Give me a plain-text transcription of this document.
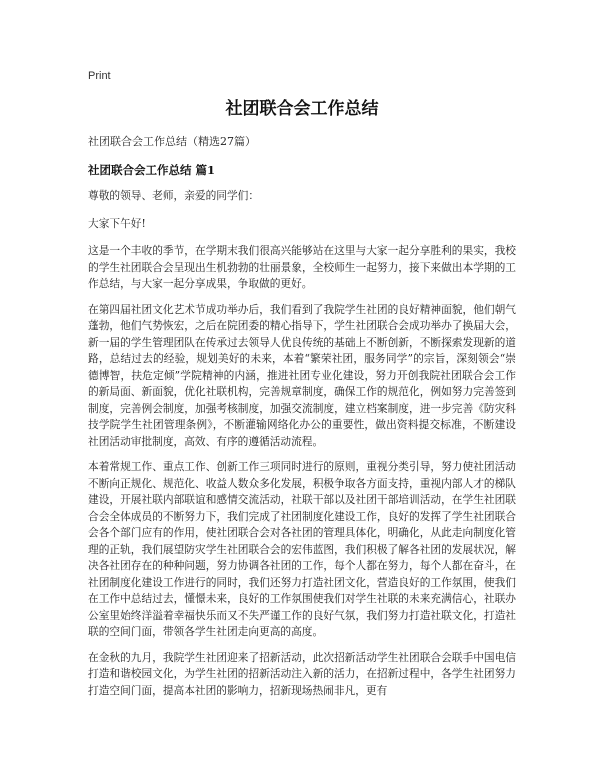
Print
社团联合会工作总结
社团联合会工作总结（精选27篇）
社团联合会工作总结 篇1

尊敬的领导、老师，亲爱的同学们：

大家下午好!

这是一个丰收的季节，在学期末我们很高兴能够站在这里与大家一起分享胜利的果实，我校的学生社团联合会呈现出生机勃勃的壮丽景象，全校师生一起努力，接下来做出本学期的工作总结，与大家一起分享成果，争取做的更好。

在第四届社团文化艺术节成功举办后，我们看到了我院学生社团的良好精神面貌，他们朝气蓬勃，他们气势恢宏，之后在院团委的精心指导下，学生社团联合会成功举办了换届大会，新一届的学生管理团队在传承过去领导人优良传统的基础上不断创新，不断探索发现新的道路，总结过去的经验，规划美好的未来，本着“繁荣社团，服务同学”的宗旨，深刻领会“崇德博智，扶危定倾”学院精神的内涵，推进社团专业化建设，努力开创我院社团联合会工作的新局面、新面貌，优化社联机构，完善规章制度，确保工作的规范化，例如努力完善签到制度，完善例会制度，加强考核制度，加强交流制度，建立档案制度，进一步完善《防灾科技学院学生社团管理条例》，不断灌输网络化办公的重要性，做出资料提交标准，不断建设社团活动审批制度，高效、有序的遵循活动流程。

本着常规工作、重点工作、创新工作三项同时进行的原则，重视分类引导，努力使社团活动不断向正规化、规范化、收益人数众多化发展，积极争取各方面支持，重视内部人才的梯队建设，开展社联内部联谊和感情交流活动，社联干部以及社团干部培训活动，在学生社团联合会全体成员的不断努力下，我们完成了社团制度化建设工作，良好的发挥了学生社团联合会各个部门应有的作用，使社团联合会对各社团的管理具体化，明确化，从此走向制度化管理的正轨，我们展望防灾学生社团联合会的宏伟蓝图，我们积极了解各社团的发展状况，解决各社团存在的种种问题，努力协调各社团的工作，每个人都在努力，每个人都在奋斗，在社团制度化建设工作进行的同时，我们还努力打造社团文化，营造良好的工作氛围，使我们在工作中总结过去，懂憬未来，良好的工作氛围使我们对学生社联的未来充满信心，社联办公室里始终洋溢着幸福快乐而又不失严谨工作的良好气氛，我们努力打造社联文化，打造社联的空间门面，带领各学生社团走向更高的高度。

在金秋的九月，我院学生社团迎来了招新活动，此次招新活动学生社团联合会联手中国电信打造和谐校园文化，为学生社团的招新活动注入新的活力，在招新过程中，各学生社团努力打造空间门面，提高本社团的影响力，招新现场热闹非凡，更有
